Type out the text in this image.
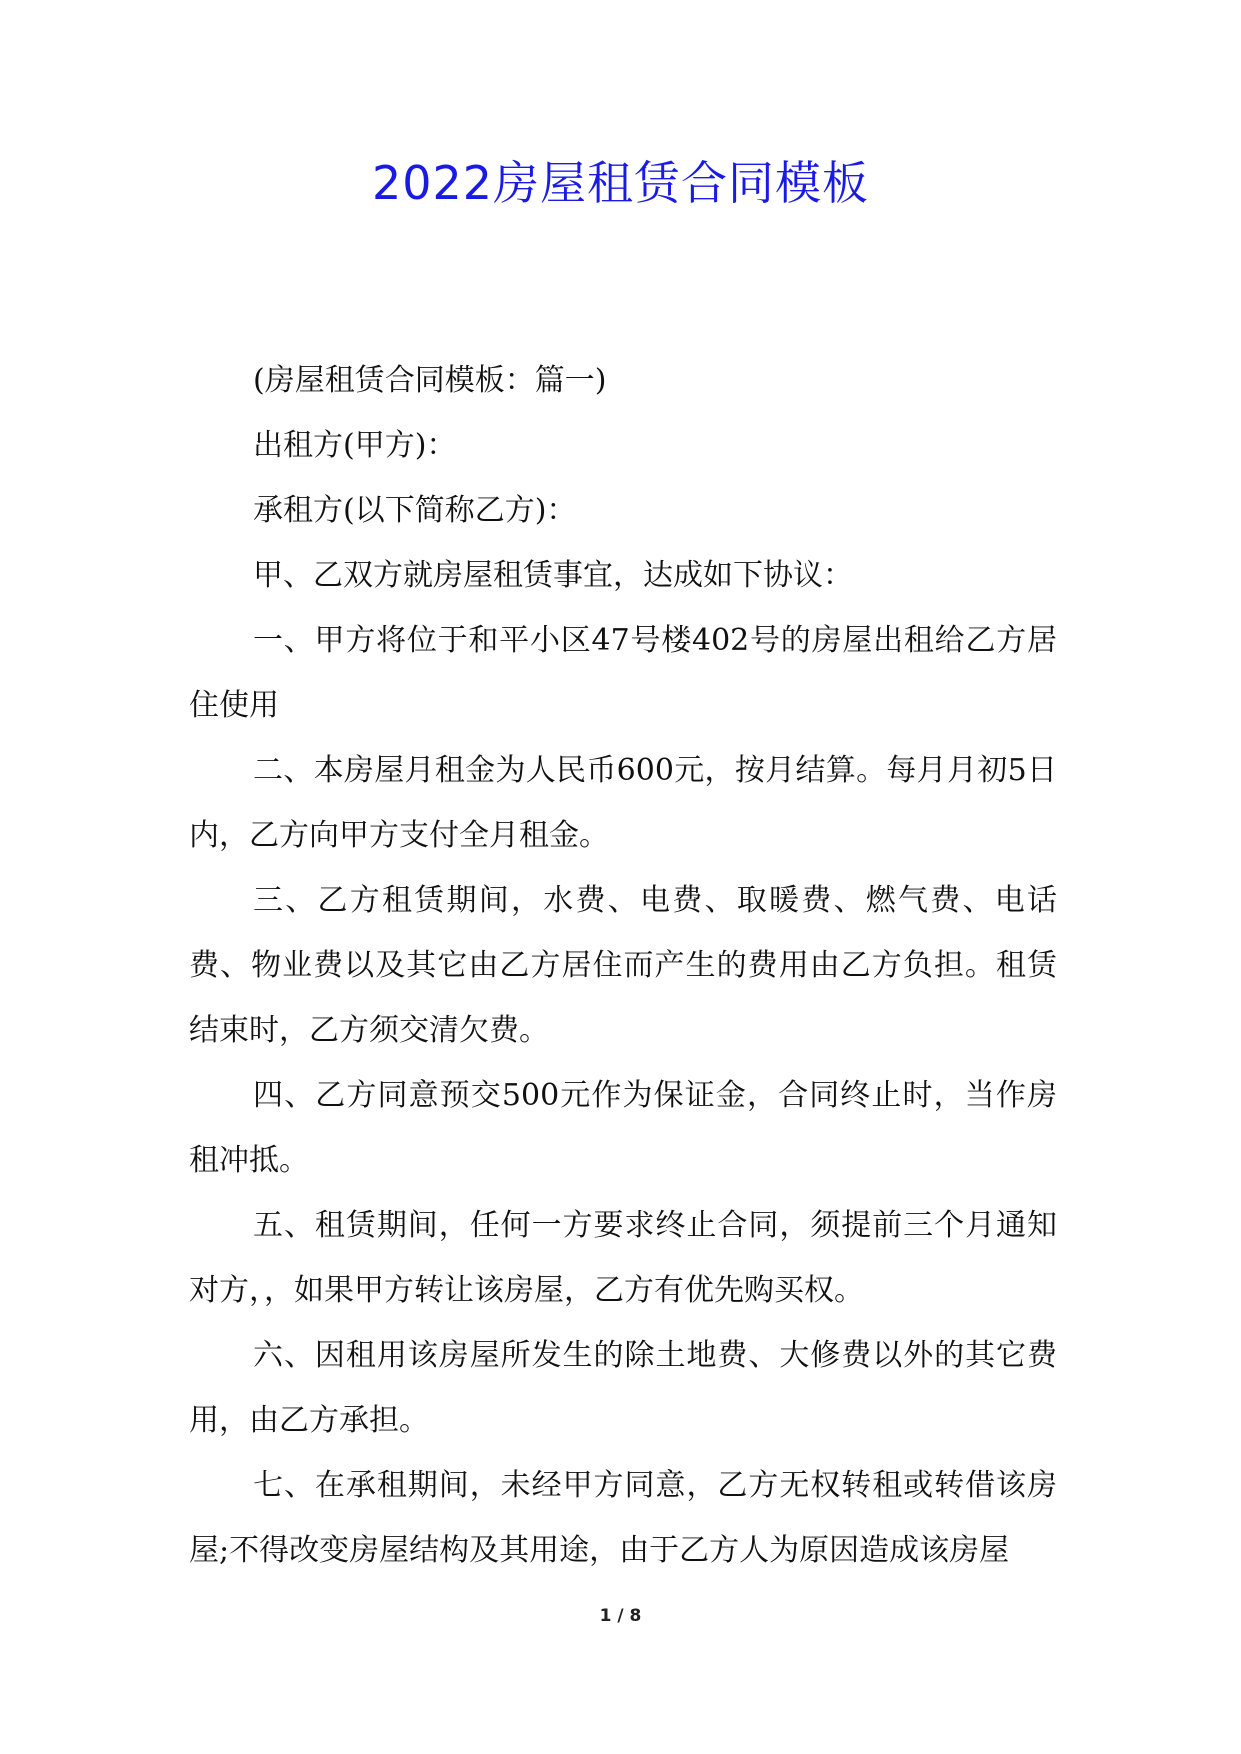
2022房屋租赁合同模板

(房屋租赁合同模板：篇一)

出租方(甲方)：

承租方(以下简称乙方)：

甲、乙双方就房屋租赁事宜，达成如下协议：

一、甲方将位于和平小区47号楼402号的房屋出租给乙方居住使用

二、本房屋月租金为人民币600元，按月结算。每月月初5日内，乙方向甲方支付全月租金。

三、乙方租赁期间，水费、电费、取暖费、燃气费、电话费、物业费以及其它由乙方居住而产生的费用由乙方负担。租赁结束时，乙方须交清欠费。

四、乙方同意预交500元作为保证金，合同终止时，当作房租冲抵。

五、租赁期间，任何一方要求终止合同，须提前三个月通知对方，，如果甲方转让该房屋，乙方有优先购买权。

六、因租用该房屋所发生的除土地费、大修费以外的其它费用，由乙方承担。

七、在承租期间，未经甲方同意，乙方无权转租或转借该房屋;不得改变房屋结构及其用途，由于乙方人为原因造成该房屋

1 / 8
